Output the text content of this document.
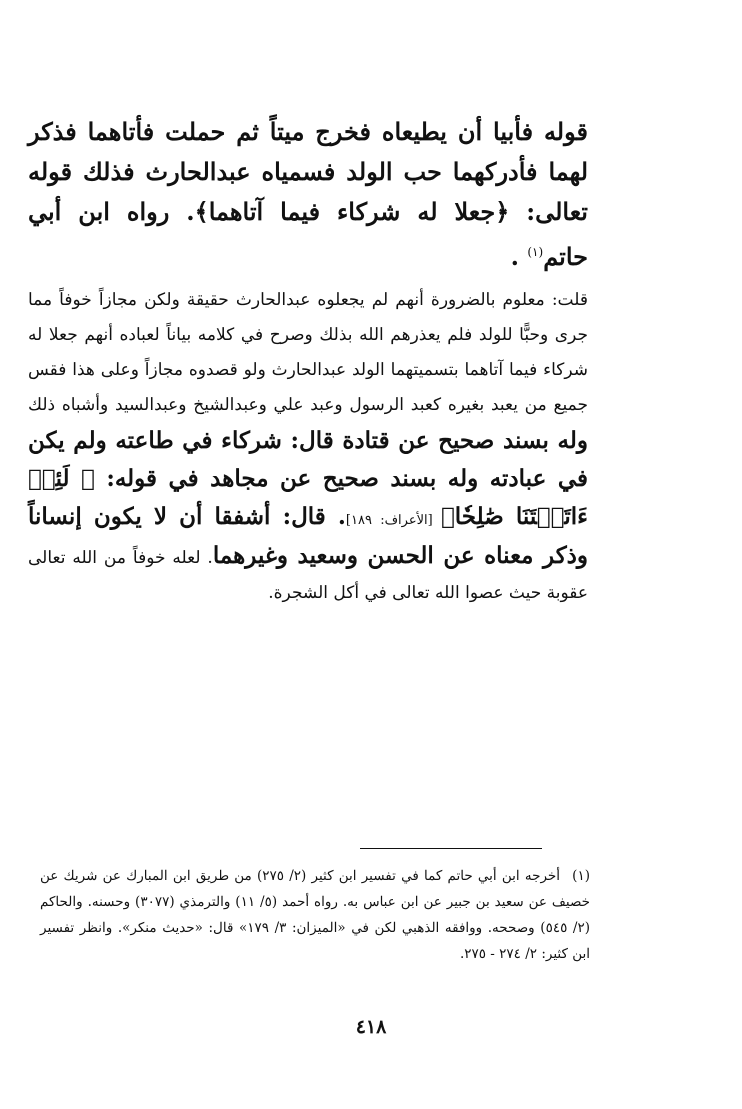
قوله فأبيا أن يطيعاه فخرج ميتاً ثم حملت فأتاهما فذكر لهما فأدركهما حب الولد فسمياه عبدالحارث فذلك قوله تعالى: ﴿جعلا له شركاء فيما آتاهما﴾. رواه ابن أبي حاتم$^{(١)}$ .

قلت: معلوم بالضرورة أنهم لم يجعلوه عبدالحارث حقيقة ولكن مجازاً خوفاً مما جرى وحبًّا للولد فلم يعذرهم الله بذلك وصرح في كلامه بياناً لعباده أنهم جعلا له شركاء فيما آتاهما بتسميتهما الولد عبدالحارث ولو قصدوه مجازاً وعلى هذا فقس جميع من يعبد بغيره كعبد الرسول وعبد علي وعبدالشيخ وعبدالسيد وأشباه ذلك وله بسند صحيح عن قتادة قال: شركاء في طاعته ولم يكن في عبادته وله بسند صحيح عن مجاهد في قوله: ﴿ لَئِنۡ ءَاتَيۡتَنَا صَٰلِحٗا﴾ [الأعراف: ١٨٩]. قال: أشفقا أن لا يكون إنساناً وذكر معناه عن الحسن وسعيد وغيرهما. لعله خوفاً من الله تعالى عقوبة حيث عصوا الله تعالى في أكل الشجرة.

(١)أخرجه ابن أبي حاتم كما في تفسير ابن كثير (٢/ ٢٧٥) من طريق ابن المبارك عن شريك عن خصيف عن سعيد بن جبير عن ابن عباس به. رواه أحمد (٥/ ١١) والترمذي (٣٠٧٧) وحسنه. والحاكم (٢/ ٥٤٥) وصححه. ووافقه الذهبي لكن في «الميزان: ٣/ ١٧٩» قال: «حديث منكر». وانظر تفسير ابن كثير: ٢/ ٢٧٤ - ٢٧٥.
٤١٨
